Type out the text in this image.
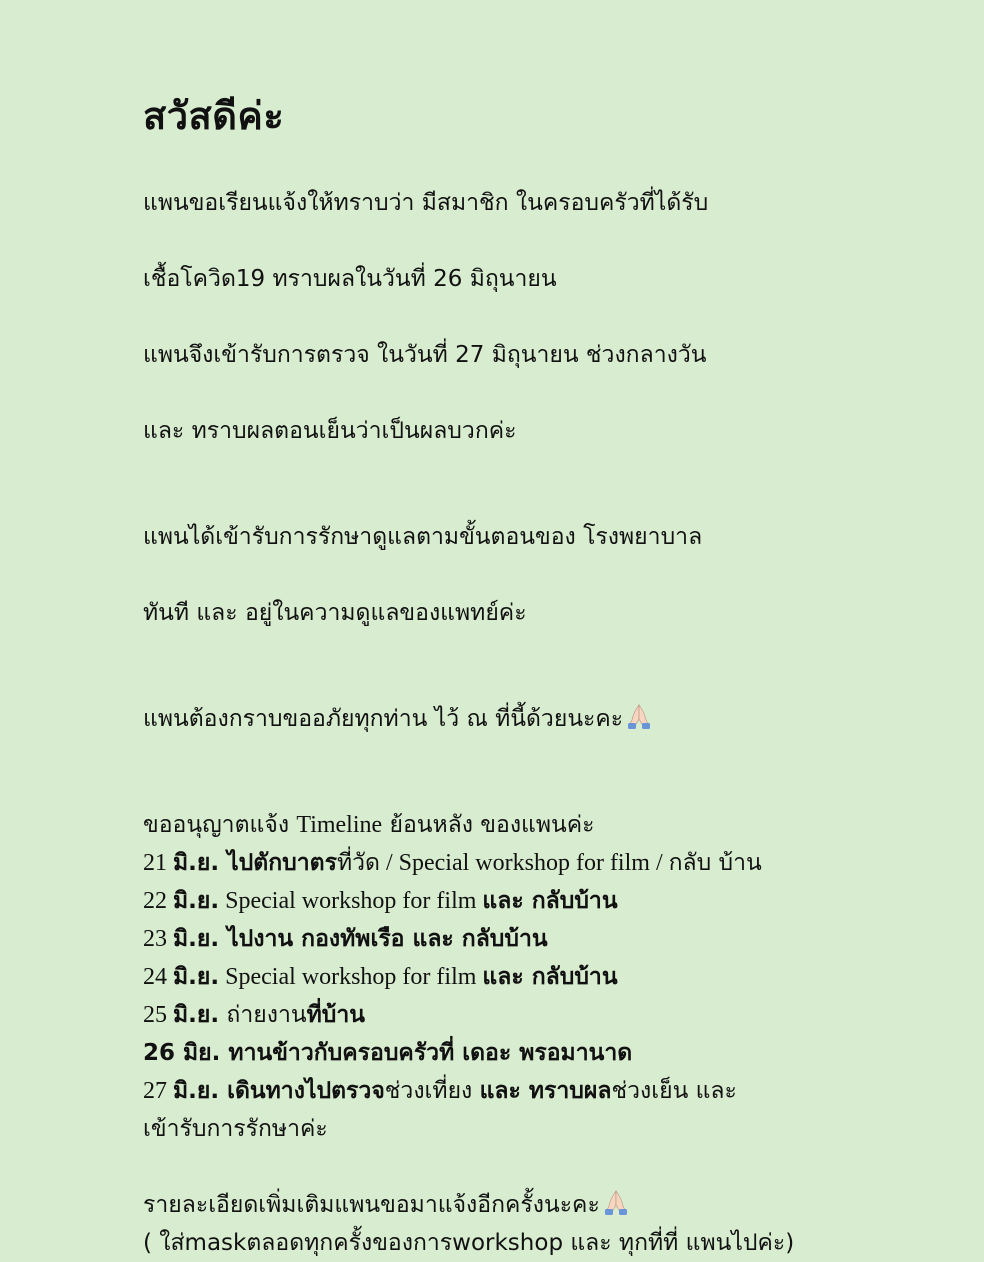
สวัสดีค่ะ

แพนขอเรียนแจ้งให้ทราบว่า มีสมาชิก ในครอบครัวที่ได้รับ

เชื้อโควิด19 ทราบผลในวันที่ 26 มิถุนายน

แพนจึงเข้ารับการตรวจ ในวันที่ 27 มิถุนายน ช่วงกลางวัน

และ ทราบผลตอนเย็นว่าเป็นผลบวกค่ะ

แพนได้เข้ารับการรักษาดูแลตามขั้นตอนของ โรงพยาบาล

ทันที และ อยู่ในความดูแลของแพทย์ค่ะ

แพนต้องกราบขออภัยทุกท่าน ไว้ ณ ที่นี้ด้วยนะคะ

ขออนุญาตแจ้ง Timeline ย้อนหลัง ของแพนค่ะ

21 มิ.ย. ไปตักบาตรที่วัด / Special workshop for film / กลับ บ้าน
22 มิ.ย. Special workshop for film และ กลับบ้าน
23 มิ.ย. ไปงาน กองทัพเรือ และ กลับบ้าน
24 มิ.ย. Special workshop for film และ กลับบ้าน
25 มิ.ย. ถ่ายงานที่บ้าน
26 มิย. ทานข้าวกับครอบครัวที่ เดอะ พรอมานาด
27 มิ.ย. เดินทางไปตรวจช่วงเที่ยง และ ทราบผลช่วงเย็น และ
เข้ารับการรักษาค่ะ
รายละเอียดเพิ่มเติมแพนขอมาแจ้งอีกครั้งนะคะ
( ใส่maskตลอดทุกครั้งของการworkshop และ ทุกที่ที่ แพนไปค่ะ)
